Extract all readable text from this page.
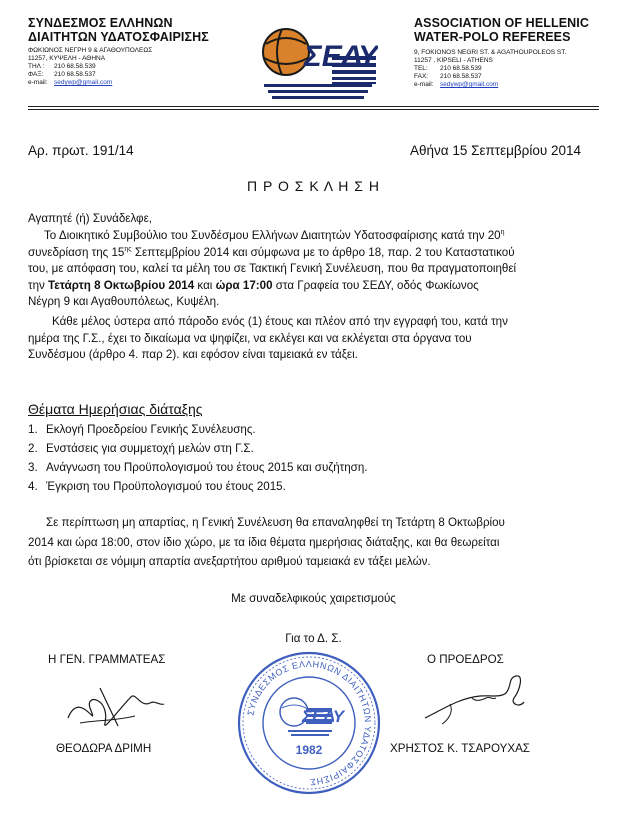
ΣΥΝΔΕΣΜΟΣ ΕΛΛΗΝΩΝ
ΔΙΑΙΤΗΤΩΝ ΥΔΑΤΟΣΦΑΙΡΙΣΗΣ
ΦΩΚΙΩΝΟΣ ΝΕΓΡΗ 9 & ΑΓΑΘΟΥΠΟΛΕΩΣ
11257, ΚΥΨΕΛΗ - ΑΘΗΝΑ
ΤΗΛ : 210 68.58.539
ΦΑΞ: 210 68.58.537
e-mail: sedywp@gmail.com
ΣΕΔΥ
ASSOCIATION OF HELLENIC
WATER-POLO REFEREES
9, FOKIONOS NEGRI ST. & AGATHOUPOLEOS ST.
11257 , KIPSELI - ATHENS
TEL: 210 68.58.539
FAX: 210 68.58.537
e-mail: sedywp@gmail.com
Αρ. πρωτ. 191/14	Αθήνα 15 Σεπτεμβρίου 2014
Π Ρ Ο Σ Κ Λ Η Σ Η
Αγαπητέ (ή) Συνάδελφε,
Το Διοικητικό Συμβούλιο του Συνδέσμου Ελλήνων Διαιτητών Υδατοσφαίρισης κατά την $20^\eta$
συνεδρίαση της $15^{\eta\varsigma}$ Σεπτεμβρίου 2014 και σύμφωνα με το άρθρο 18, παρ. 2 του Καταστατικού
του, με απόφαση του, καλεί τα μέλη του σε Τακτική Γενική Συνέλευση, που θα πραγματοποιηθεί
την Τετάρτη 8 Οκτωβρίου 2014 και ώρα 17:00 στα Γραφεία του ΣΕΔΥ, οδός Φωκίωνος
Νέγρη 9 και Αγαθουπόλεως, Κυψέλη.
Κάθε μέλος ύστερα από πάροδο ενός (1) έτους και πλέον από την εγγραφή του, κατά την
ημέρα της Γ.Σ., έχει το δικαίωμα να ψηφίζει, να εκλέγει και να εκλέγεται στα όργανα του
Συνδέσμου (άρθρο 4. παρ 2). και εφόσον είναι ταμειακά εν τάξει.
Θέματα Ημερήσιας διάταξης
1. Εκλογή Προεδρείου Γενικής Συνέλευσης.
2. Ενστάσεις για συμμετοχή μελών στη Γ.Σ.
3. Ανάγνωση του Προϋπολογισμού του έτους 2015 και συζήτηση.
4. Έγκριση του Προϋπολογισμού του έτους 2015.
Σε περίπτωση μη απαρτίας, η Γενική Συνέλευση θα επαναληφθεί τη Τετάρτη 8 Οκτωβρίου
2014 και ώρα 18:00, στον ίδιο χώρο, με τα ίδια θέματα ημερήσιας διάταξης, και θα θεωρείται
ότι βρίσκεται σε νόμιμη απαρτία ανεξαρτήτου αριθμού ταμειακά εν τάξει μελών.
Με συναδελφικούς χαιρετισμούς
Για το Δ. Σ.
Η ΓΕΝ. ΓΡΑΜΜΑΤΕΑΣ	Ο ΠΡΟΕΔΡΟΣ
ΣΥΝΔΕΣΜΟΣ ΕΛΛΗΝΩΝ ΔΙΑΙΤΗΤΩΝ ΥΔΑΤΟΣΦΑΙΡΙΣΗΣ
ΣΕΔΥ
1982
ΘΕΟΔΩΡΑ ΔΡΙΜΗ	ΧΡΗΣΤΟΣ Κ. ΤΣΑΡΟΥΧΑΣ
